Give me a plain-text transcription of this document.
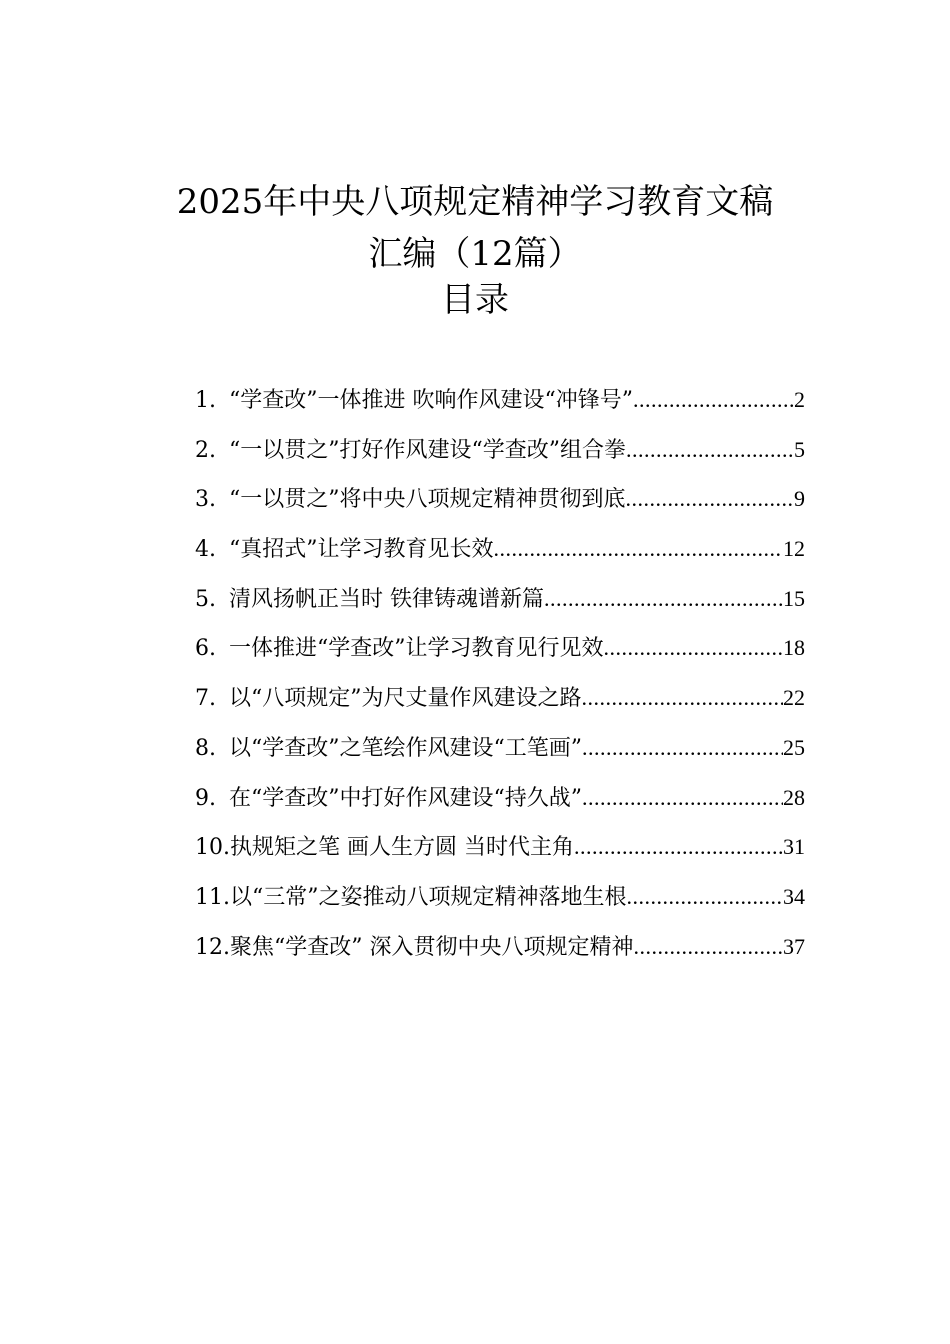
2025年中央八项规定精神学习教育文稿
汇编（12篇）
目录
1. “学查改”一体推进 吹响作风建设“冲锋号” .....	2
2. “一以贯之”打好作风建设“学查改”组合拳 .....	5
3. “一以贯之”将中央八项规定精神贯彻到底 .....	9
4. “真招式”让学习教育见长效 .....	12
5. 清风扬帆正当时 铁律铸魂谱新篇 .....	15
6. 一体推进“学查改”让学习教育见行见效 .....	18
7. 以“八项规定”为尺丈量作风建设之路 .....	22
8. 以“学查改”之笔绘作风建设“工笔画” .....	25
9. 在“学查改”中打好作风建设“持久战” .....	28
10. 执规矩之笔 画人生方圆 当时代主角 .....	31
11. 以“三常”之姿推动八项规定精神落地生根 .....	34
12. 聚焦“学查改” 深入贯彻中央八项规定精神 .....	37
